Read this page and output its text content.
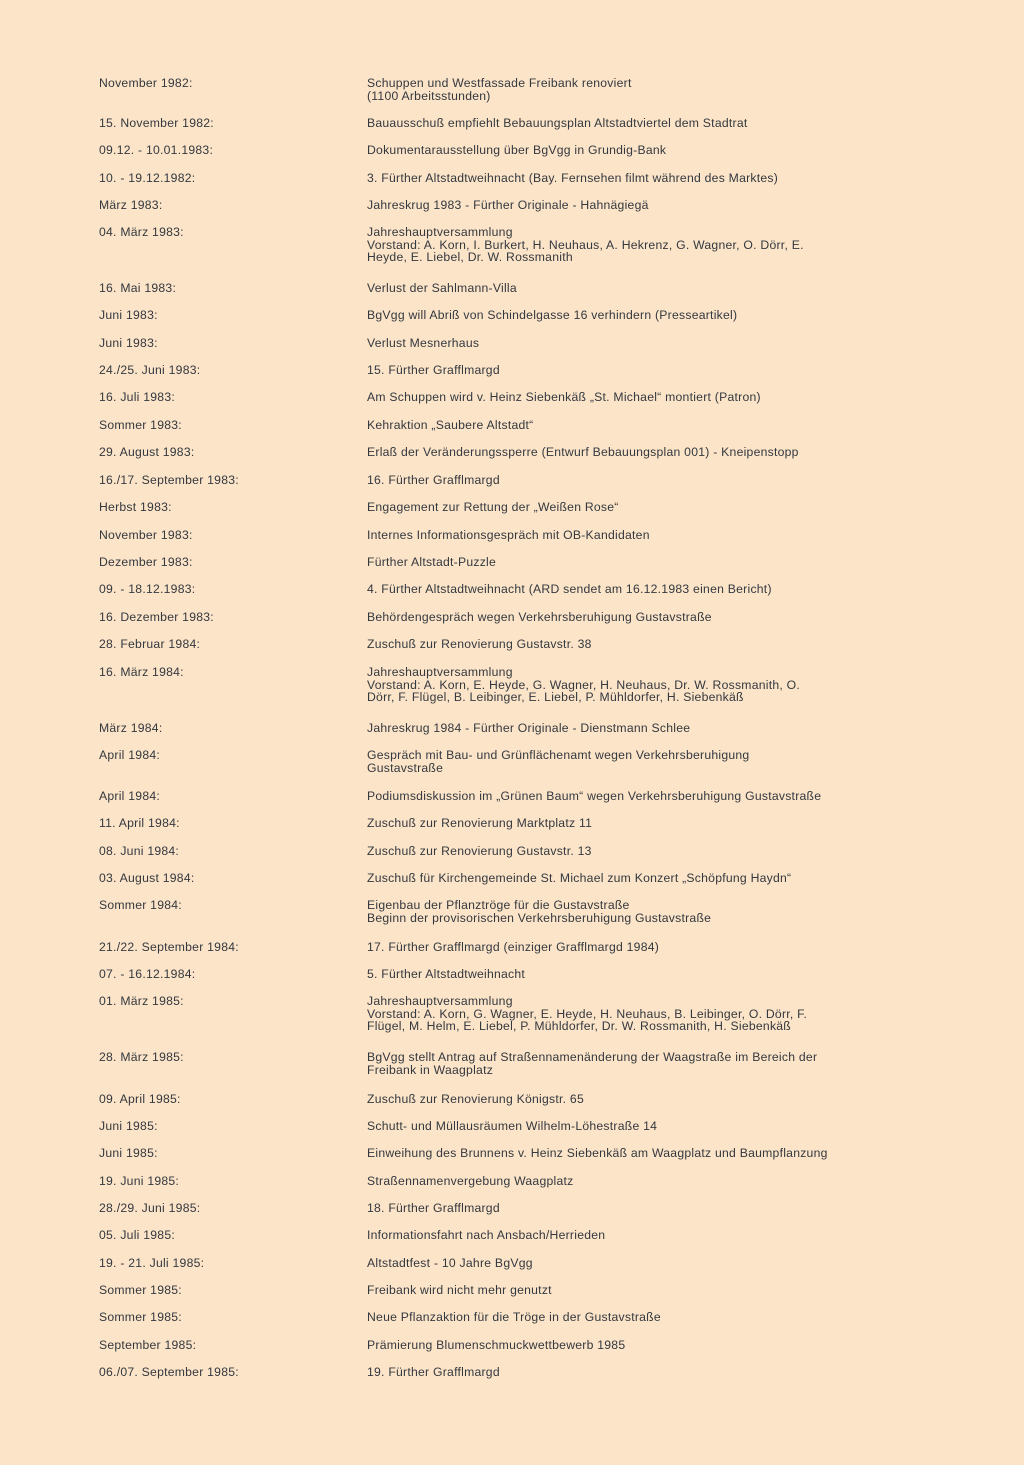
November 1982:	Schuppen und Westfassade Freibank renoviert
(1100 Arbeitsstunden)
15. November 1982:	Bauausschuß empfiehlt Bebauungsplan Altstadtviertel dem Stadtrat
09.12. - 10.01.1983:	Dokumentarausstellung über BgVgg in Grundig-Bank
10. - 19.12.1982:	3. Fürther Altstadtweihnacht (Bay. Fernsehen filmt während des Marktes)
März 1983:	Jahreskrug 1983 - Fürther Originale - Hahnägiegä
04. März 1983:	Jahreshauptversammlung
Vorstand: A. Korn, I. Burkert, H. Neuhaus, A. Hekrenz, G. Wagner, O. Dörr, E.
Heyde, E. Liebel, Dr. W. Rossmanith
16. Mai 1983:	Verlust der Sahlmann-Villa
Juni 1983:	BgVgg will Abriß von Schindelgasse 16 verhindern (Presseartikel)
Juni 1983:	Verlust Mesnerhaus
24./25. Juni 1983:	15. Fürther Grafflmargd
16. Juli 1983:	Am Schuppen wird v. Heinz Siebenkäß „St. Michael“ montiert (Patron)
Sommer 1983:	Kehraktion „Saubere Altstadt“
29. August 1983:	Erlaß der Veränderungssperre (Entwurf Bebauungsplan 001) - Kneipenstopp
16./17. September 1983:	16. Fürther Grafflmargd
Herbst 1983:	Engagement zur Rettung der „Weißen Rose“
November 1983:	Internes Informationsgespräch mit OB-Kandidaten
Dezember 1983:	Fürther Altstadt-Puzzle
09. - 18.12.1983:	4. Fürther Altstadtweihnacht (ARD sendet am 16.12.1983 einen Bericht)
16. Dezember 1983:	Behördengespräch wegen Verkehrsberuhigung Gustavstraße
28. Februar 1984:	Zuschuß zur Renovierung Gustavstr. 38
16. März 1984:	Jahreshauptversammlung
Vorstand: A. Korn, E. Heyde, G. Wagner, H. Neuhaus, Dr. W. Rossmanith, O.
Dörr, F. Flügel, B. Leibinger, E. Liebel, P. Mühldorfer, H. Siebenkäß
März 1984:	Jahreskrug 1984 - Fürther Originale - Dienstmann Schlee
April 1984:	Gespräch mit Bau- und Grünflächenamt wegen Verkehrsberuhigung
Gustavstraße
April 1984:	Podiumsdiskussion im „Grünen Baum“ wegen Verkehrsberuhigung Gustavstraße
11. April 1984:	Zuschuß zur Renovierung Marktplatz 11
08. Juni 1984:	Zuschuß zur Renovierung Gustavstr. 13
03. August 1984:	Zuschuß für Kirchengemeinde St. Michael zum Konzert „Schöpfung Haydn“
Sommer 1984:	Eigenbau der Pflanztröge für die Gustavstraße
Beginn der provisorischen Verkehrsberuhigung Gustavstraße
21./22. September 1984:	17. Fürther Grafflmargd (einziger Grafflmargd 1984)
07. - 16.12.1984:	5. Fürther Altstadtweihnacht
01. März 1985:	Jahreshauptversammlung
Vorstand: A. Korn, G. Wagner, E. Heyde, H. Neuhaus, B. Leibinger, O. Dörr, F.
Flügel, M. Helm, E. Liebel, P. Mühldorfer, Dr. W. Rossmanith, H. Siebenkäß
28. März 1985:	BgVgg stellt Antrag auf Straßennamenänderung der Waagstraße im Bereich der
Freibank in Waagplatz
09. April 1985:	Zuschuß zur Renovierung Königstr. 65
Juni 1985:	Schutt- und Müllausräumen Wilhelm-Löhestraße 14
Juni 1985:	Einweihung des Brunnens v. Heinz Siebenkäß am Waagplatz und Baumpflanzung
19. Juni 1985:	Straßennamenvergebung Waagplatz
28./29. Juni 1985:	18. Fürther Grafflmargd
05. Juli 1985:	Informationsfahrt nach Ansbach/Herrieden
19. - 21. Juli 1985:	Altstadtfest - 10 Jahre BgVgg
Sommer 1985:	Freibank wird nicht mehr genutzt
Sommer 1985:	Neue Pflanzaktion für die Tröge in der Gustavstraße
September 1985:	Prämierung Blumenschmuckwettbewerb 1985
06./07. September 1985:	19. Fürther Grafflmargd
